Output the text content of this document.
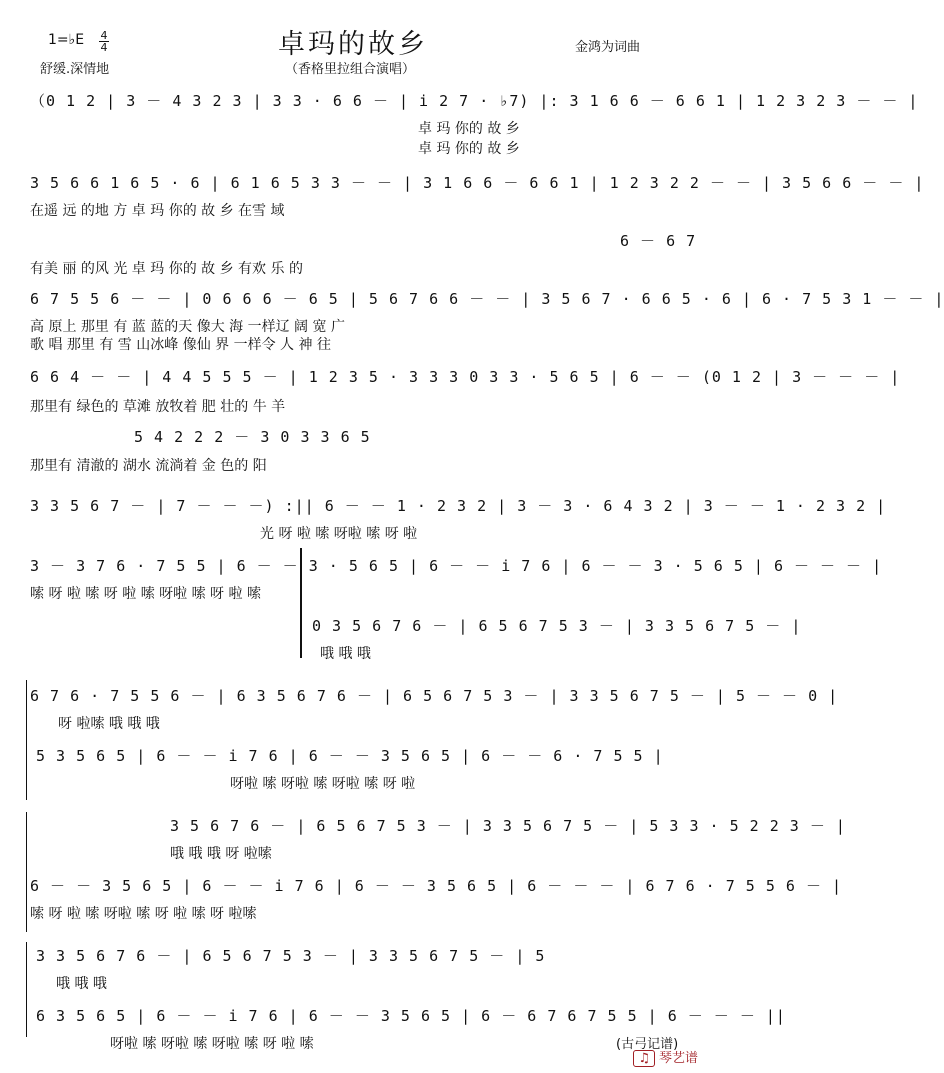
1=♭E 4
4
舒缓.深情地
卓玛的故乡	金鸿为词曲
（香格里拉组合演唱）
（0 1 2 | 3 － 4 3 2 3 | 3 3 · 6 6 － | i 2 7 · ♭7) |: 3 1 6 6 － 6 6 1 | 1 2 3 2 3 － － |
卓 玛 你的 故 乡
卓 玛 你的 故 乡
3 5 6 6 1 6 5 · 6 | 6 1 6 5 3 3 － － | 3 1 6 6 － 6 6 1 | 1 2 3 2 2 － － | 3 5 6 6 － － |
在遥 远 的地 方 卓 玛 你的 故 乡 在雪 域
6 － 6 7
有美 丽 的风 光 卓 玛 你的 故 乡 有欢 乐 的
6 7 5 5 6 － － | 0 6 6 6 － 6 5 | 5 6 7 6 6 － － | 3 5 6 7 · 6 6 5 · 6 | 6 · 7 5 3 1 － － |
高 原上 那里 有 蓝 蓝的天 像大 海 一样辽 阔 宽 广
歌 唱 那里 有 雪 山冰峰 像仙 界 一样令 人 神 往
6 6 4 － － | 4 4 5 5 5 － | 1 2 3 5 · 3 3 3 0 3 3 · 5 6 5 | 6 － － (0 1 2 | 3 － － － |
那里有 绿色的 草滩 放牧着 肥 壮的 牛 羊
5 4 2 2 2 － 3 0 3 3 6 5
那里有 清澈的 湖水 流淌着 金 色的 阳
3 3 5 6 7 － | 7 － － －) :|| 6 － － 1 · 2 3 2 | 3 － 3 · 6 4 3 2 | 3 － － 1 · 2 3 2 |
光 呀 啦 嗦 呀啦 嗦 呀 啦
3 － 3 7 6 · 7 5 5 | 6 － － 3 · 5 6 5 | 6 － － i 7 6 | 6 － － 3 · 5 6 5 | 6 － － － |
嗦 呀 啦 嗦 呀 啦 嗦 呀啦 嗦 呀 啦 嗦
0 3 5 6 7 6 － | 6 5 6 7 5 3 － | 3 3 5 6 7 5 － |
哦 哦 哦
6 7 6 · 7 5 5 6 － | 6 3 5 6 7 6 － | 6 5 6 7 5 3 － | 3 3 5 6 7 5 － | 5 － － 0 |
呀 啦嗦 哦 哦 哦
5 3 5 6 5 | 6 － － i 7 6 | 6 － － 3 5 6 5 | 6 － － 6 · 7 5 5 |
呀啦 嗦 呀啦 嗦 呀啦 嗦 呀 啦
3 5 6 7 6 － | 6 5 6 7 5 3 － | 3 3 5 6 7 5 － | 5 3 3 · 5 2 2 3 － |
哦 哦 哦 呀 啦嗦
6 － － 3 5 6 5 | 6 － － i 7 6 | 6 － － 3 5 6 5 | 6 － － － | 6 7 6 · 7 5 5 6 － |
嗦 呀 啦 嗦 呀啦 嗦 呀 啦 嗦 呀 啦嗦
3 3 5 6 7 6 － | 6 5 6 7 5 3 － | 3 3 5 6 7 5 － | 5
哦 哦 哦
6 3 5 6 5 | 6 － － i 7 6 | 6 － － 3 5 6 5 | 6 － 6 7 6 7 5 5 | 6 － － － ||
呀啦 嗦 呀啦 嗦 呀啦 嗦 呀 啦 嗦	(古弓记谱)
♫ 琴艺谱
